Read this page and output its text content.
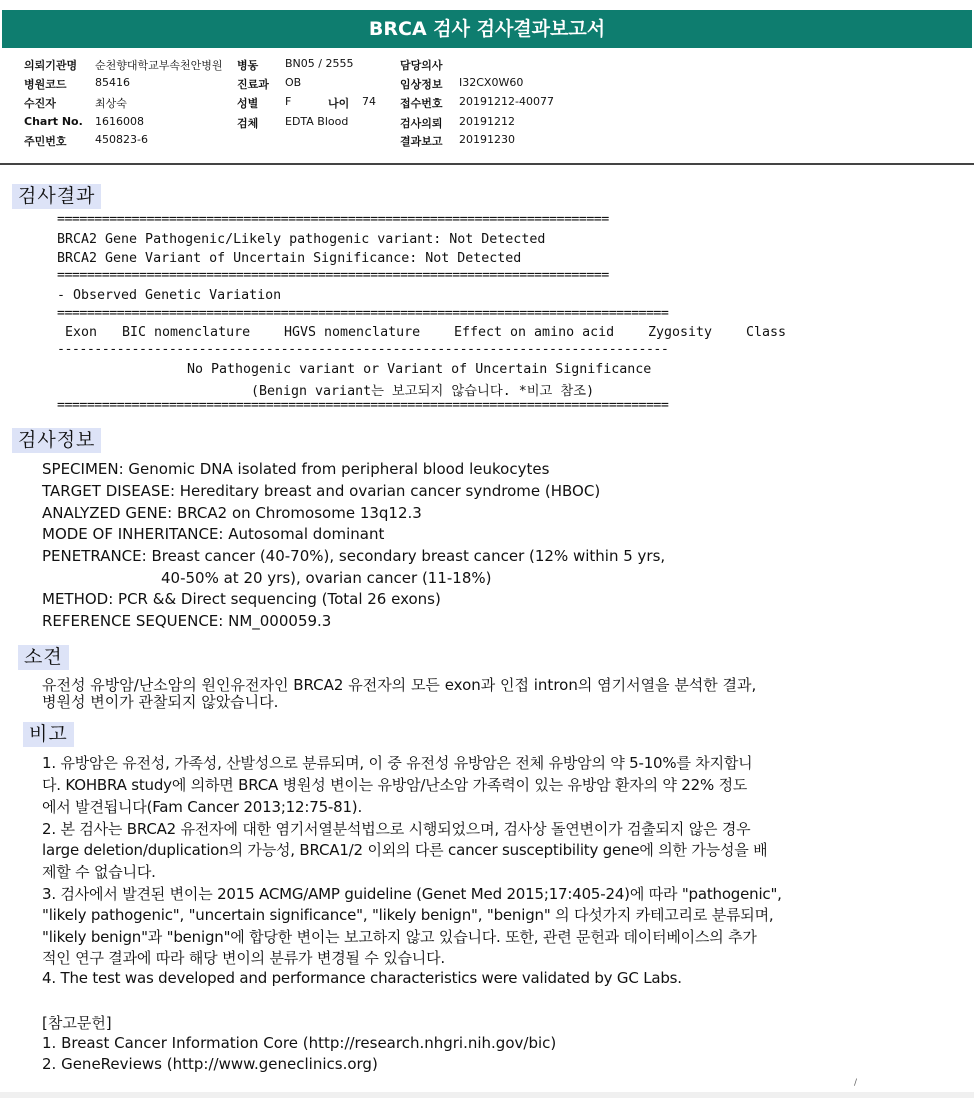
BRCA 검사 검사결과보고서
의뢰기관명 순천향대학교부속천안병원
병원코드	85416
수진자	최상숙
Chart No. 1616008
주민번호	450823-6
병동 BN05 / 2555
진료과 OB
성별 F	나이 74
검체 EDTA Blood
담당의사
임상정보 I32CX0W60
접수번호 20191212-40077
검사의뢰 20191212
결과보고 20191230
검사결과
==========================================================================
BRCA2 Gene Pathogenic/Likely pathogenic variant: Not Detected
BRCA2 Gene Variant of Uncertain Significance: Not Detected
==========================================================================
- Observed Genetic Variation
==================================================================================
Exon BIC nomenclature	HGVS nomenclature	Effect on amino acid	Zygosity	Class
----------------------------------------------------------------------------------
No Pathogenic variant or Variant of Uncertain Significance
(Benign variant는 보고되지 않습니다. *비고 참조)
==================================================================================
검사정보
SPECIMEN: Genomic DNA isolated from peripheral blood leukocytes
TARGET DISEASE: Hereditary breast and ovarian cancer syndrome (HBOC)
ANALYZED GENE: BRCA2 on Chromosome 13q12.3
MODE OF INHERITANCE: Autosomal dominant
PENETRANCE: Breast cancer (40-70%), secondary breast cancer (12% within 5 yrs,
40-50% at 20 yrs), ovarian cancer (11-18%)
METHOD: PCR && Direct sequencing (Total 26 exons)
REFERENCE SEQUENCE: NM_000059.3
소견
유전성 유방암/난소암의 원인유전자인 BRCA2 유전자의 모든 exon과 인접 intron의 염기서열을 분석한 결과,
병원성 변이가 관찰되지 않았습니다.
비고
1. 유방암은 유전성, 가족성, 산발성으로 분류되며, 이 중 유전성 유방암은 전체 유방암의 약 5-10%를 차지합니
다. KOHBRA study에 의하면 BRCA 병원성 변이는 유방암/난소암 가족력이 있는 유방암 환자의 약 22% 정도
에서 발견됩니다(Fam Cancer 2013;12:75-81).
2. 본 검사는 BRCA2 유전자에 대한 염기서열분석법으로 시행되었으며, 검사상 돌연변이가 검출되지 않은 경우
large deletion/duplication의 가능성, BRCA1/2 이외의 다른 cancer susceptibility gene에 의한 가능성을 배
제할 수 없습니다.
3. 검사에서 발견된 변이는 2015 ACMG/AMP guideline (Genet Med 2015;17:405-24)에 따라 "pathogenic",
"likely pathogenic", "uncertain significance", "likely benign", "benign" 의 다섯가지 카테고리로 분류되며,
"likely benign"과 "benign"에 합당한 변이는 보고하지 않고 있습니다. 또한, 관련 문헌과 데이터베이스의 추가
적인 연구 결과에 따라 해당 변이의 분류가 변경될 수 있습니다.
4. The test was developed and performance characteristics were validated by GC Labs.
[참고문헌]
1. Breast Cancer Information Core (http://research.nhgri.nih.gov/bic)
2. GeneReviews (http://www.geneclinics.org)
/
